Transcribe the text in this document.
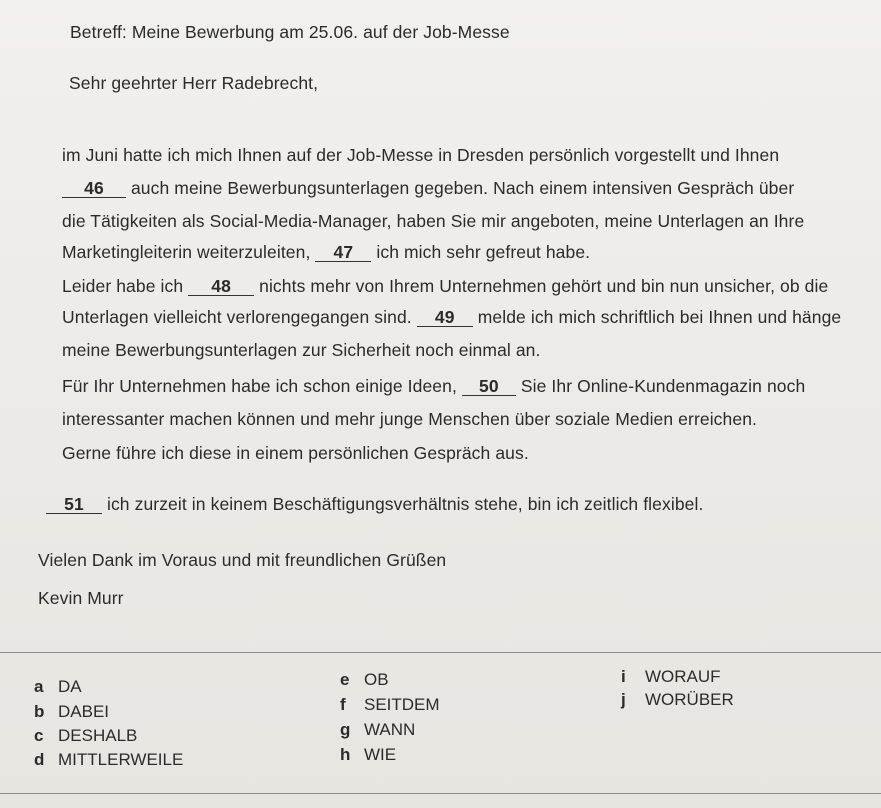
Betreff: Meine Bewerbung am 25.06. auf der Job-Messe
Sehr geehrter Herr Radebrecht,
im Juni hatte ich mich Ihnen auf der Job-Messe in Dresden persönlich vorgestellt und Ihnen
46 auch meine Bewerbungsunterlagen gegeben. Nach einem intensiven Gespräch über
die Tätigkeiten als Social-Media-Manager, haben Sie mir angeboten, meine Unterlagen an Ihre
Marketingleiterin weiterzuleiten, 47 ich mich sehr gefreut habe.
Leider habe ich 48 nichts mehr von Ihrem Unternehmen gehört und bin nun unsicher, ob die
Unterlagen vielleicht verlorengegangen sind. 49 melde ich mich schriftlich bei Ihnen und hänge
meine Bewerbungsunterlagen zur Sicherheit noch einmal an.
Für Ihr Unternehmen habe ich schon einige Ideen, 50 Sie Ihr Online-Kundenmagazin noch
interessanter machen können und mehr junge Menschen über soziale Medien erreichen.
Gerne führe ich diese in einem persönlichen Gespräch aus.
51 ich zurzeit in keinem Beschäftigungsverhältnis stehe, bin ich zeitlich flexibel.
Vielen Dank im Voraus und mit freundlichen Grüßen
Kevin Murr
a DA
b DABEI
c DESHALB
d MITTLERWEILE
e OB
f SEITDEM
g WANN
h WIE
i WORAUF
j WORÜBER
